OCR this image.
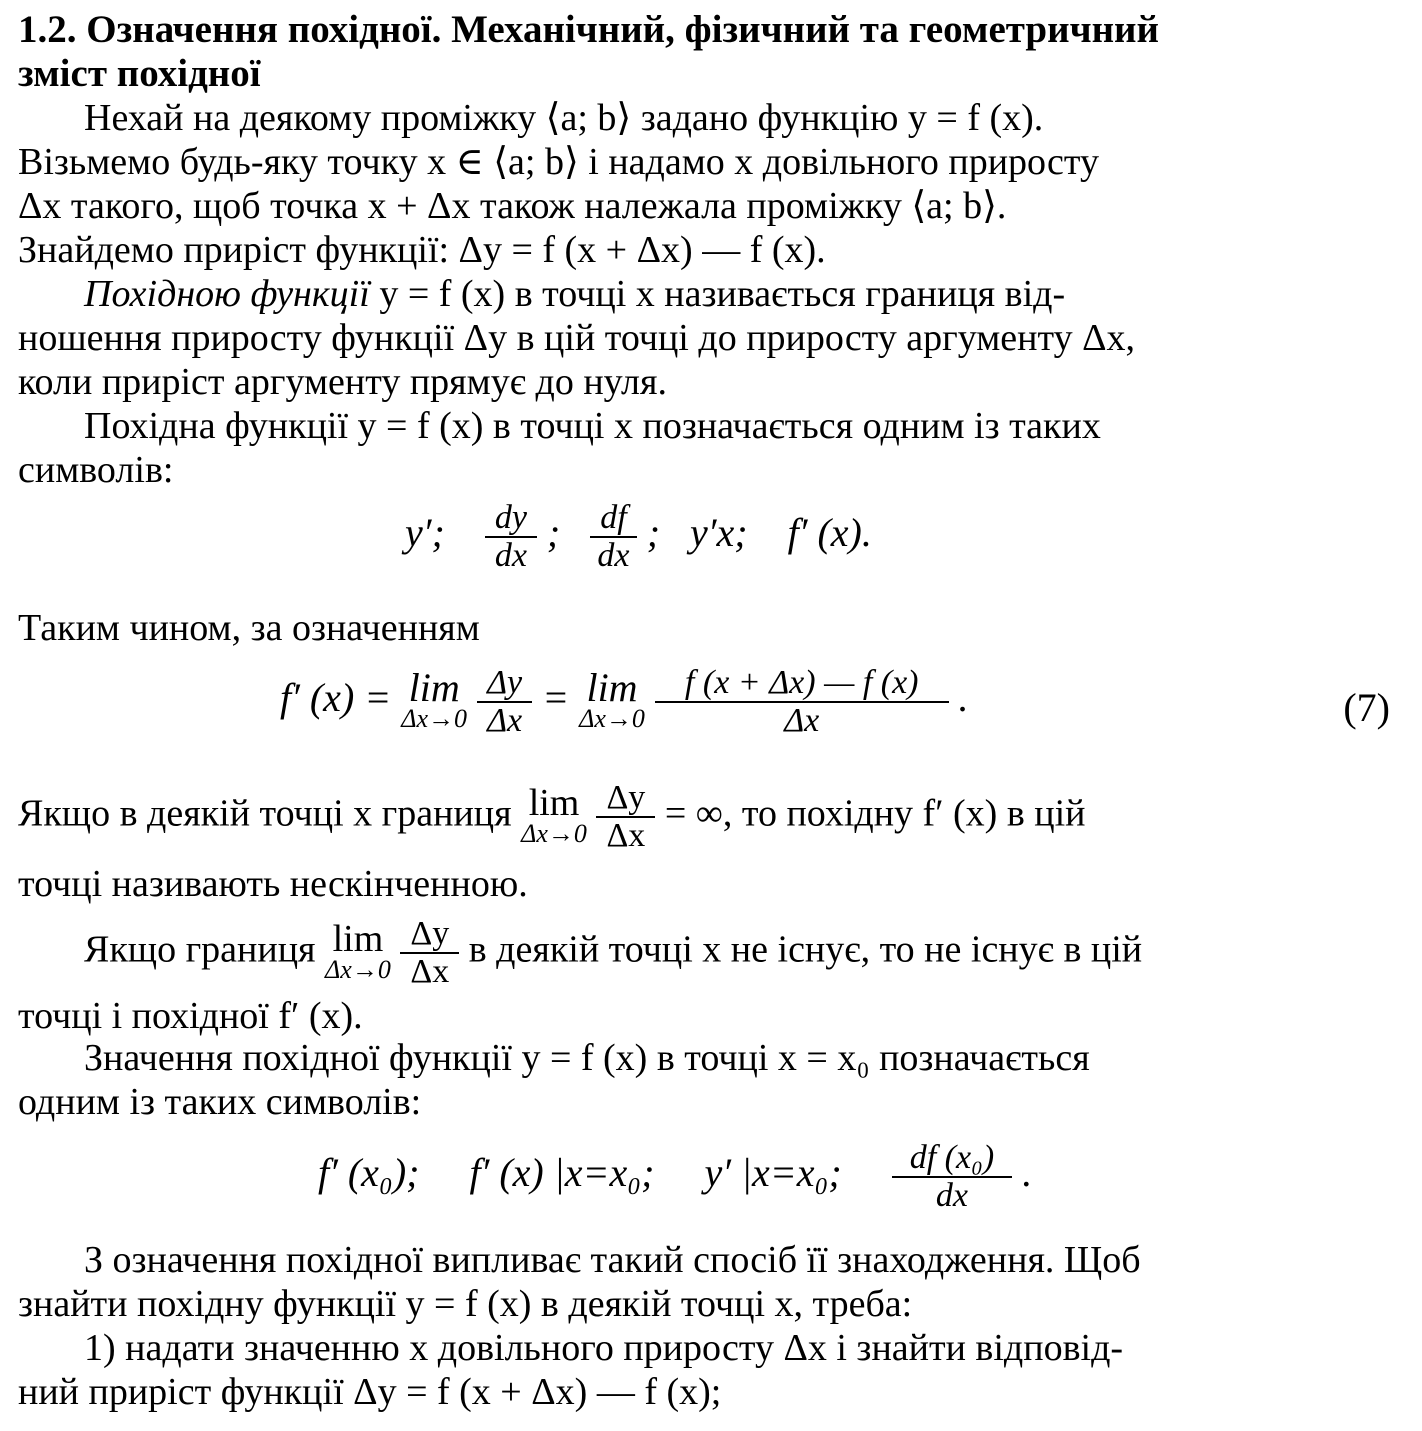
1.2. Означення похідної. Механічний, фізичний та геометричний
зміст похідної
Нехай на деякому проміжку ⟨a; b⟩ задано функцію y = f (x).
Візьмемо будь-яку точку x ∈ ⟨a; b⟩ і надамо x довільного приросту
Δx такого, щоб точка x + Δx також належала проміжку ⟨a; b⟩.
Знайдемо приріст функції: Δy = f (x + Δx) — f (x).
Похідною функції y = f (x) в точці x називається границя від-
ношення приросту функції Δy в цій точці до приросту аргументу Δx,
коли приріст аргументу прямує до нуля.
Похідна функції y = f (x) в точці x позначається одним із таких
символів:
y′; $\frac{dy}{dx}$ ; $\frac{df}{dx}$ ; y′x; f′ (x).
Таким чином, за означенням
f′ (x) = lim
Δx→0
$\frac{\Delta y}{\Delta x} = \lim$
Δx→0
$\frac{f (x + \Delta x) — f (x)}{\Delta x}$ .	(7)
Якщо в деякій точці x границя lim
Δx→0
$\frac{\Delta y}{\Delta x}$ = ∞, то похідну f′ (x) в цій
точці називають нескінченною.
Якщо границя lim
Δx→0
$\frac{\Delta y}{\Delta x}$ в деякій точці x не існує, то не існує в цій
точці і похідної f′ (x).
Значення похідної функції y = f (x) в точці x = x₀ позначається
одним із таких символів:
f′ (x₀); f′ (x) |x=x₀; y′ |x=x₀; $\frac{\text{df (x₀)}}{dx}$ .
З означення похідної випливає такий спосіб її знаходження. Щоб
знайти похідну функції y = f (x) в деякій точці x, треба:
1) надати значенню x довільного приросту Δx і знайти відповід-
ний приріст функції Δy = f (x + Δx) — f (x);
